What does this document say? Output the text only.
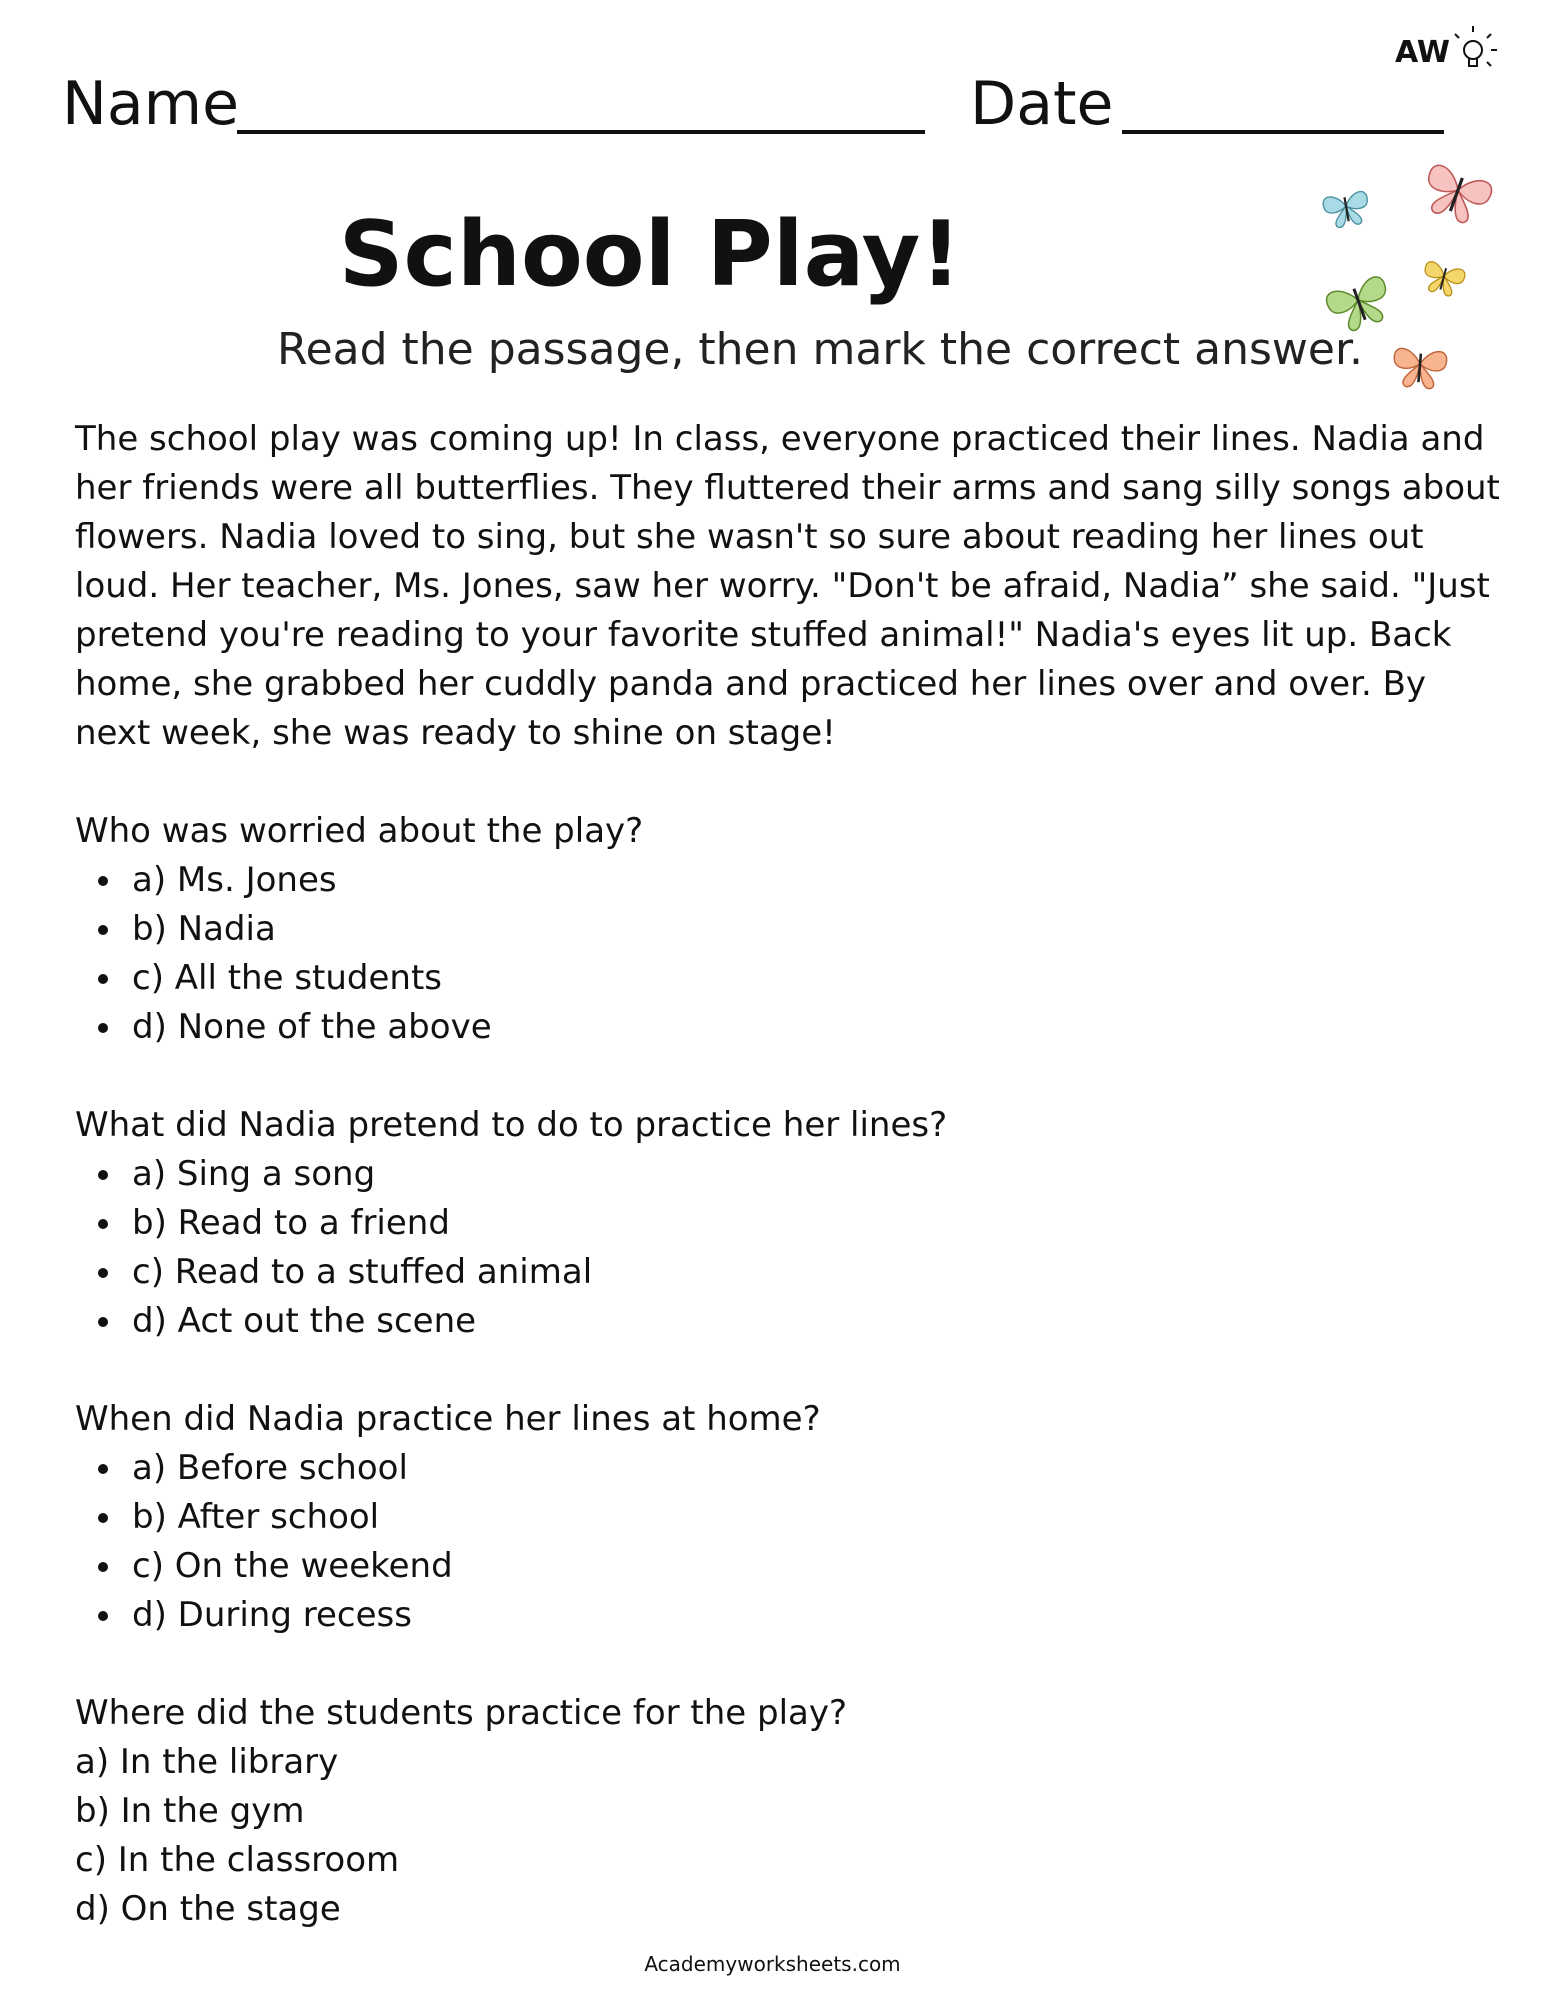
AW
Name	Date
School Play!
Read the passage, then mark the correct answer.

The school play was coming up! In class, everyone practiced their lines. Nadia and her friends were all butterflies. They fluttered their arms and sang silly songs about flowers. Nadia loved to sing, but she wasn't so sure about reading her lines out loud. Her teacher, Ms. Jones, saw her worry. "Don't be afraid, Nadia” she said. "Just pretend you're reading to your favorite stuffed animal!" Nadia's eyes lit up. Back home, she grabbed her cuddly panda and practiced her lines over and over. By next week, she was ready to shine on stage!

Who was worried about the play?

a) Ms. Jones
b) Nadia
c) All the students
d) None of the above

What did Nadia pretend to do to practice her lines?

a) Sing a song
b) Read to a friend
c) Read to a stuffed animal
d) Act out the scene

When did Nadia practice her lines at home?

a) Before school
b) After school
c) On the weekend
d) During recess

Where did the students practice for the play?

a) In the library
b) In the gym
c) In the classroom
d) On the stage
Academyworksheets.com
